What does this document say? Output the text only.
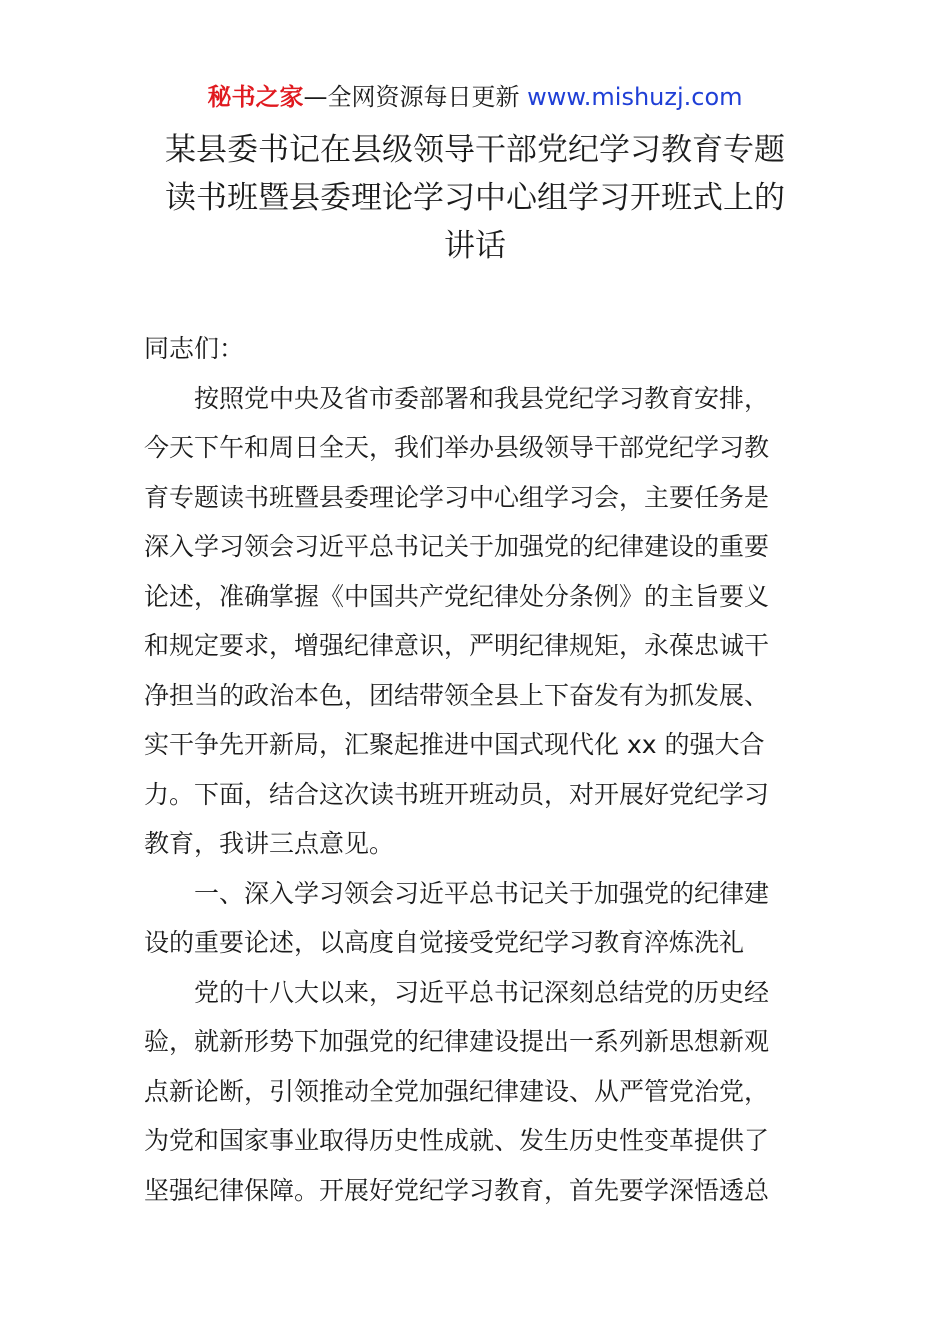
秘书之家—全网资源每日更新 www.mishuzj.com
某县委书记在县级领导干部党纪学习教育专题
读书班暨县委理论学习中心组学习开班式上的
讲话
同志们：
按照党中央及省市委部署和我县党纪学习教育安排，
今天下午和周日全天，我们举办县级领导干部党纪学习教
育专题读书班暨县委理论学习中心组学习会，主要任务是
深入学习领会习近平总书记关于加强党的纪律建设的重要
论述，准确掌握《中国共产党纪律处分条例》的主旨要义
和规定要求，增强纪律意识，严明纪律规矩，永葆忠诚干
净担当的政治本色，团结带领全县上下奋发有为抓发展、
实干争先开新局，汇聚起推进中国式现代化 xx 的强大合
力。下面，结合这次读书班开班动员，对开展好党纪学习
教育，我讲三点意见。
一、深入学习领会习近平总书记关于加强党的纪律建
设的重要论述，以高度自觉接受党纪学习教育淬炼洗礼
党的十八大以来，习近平总书记深刻总结党的历史经
验，就新形势下加强党的纪律建设提出一系列新思想新观
点新论断，引领推动全党加强纪律建设、从严管党治党，
为党和国家事业取得历史性成就、发生历史性变革提供了
坚强纪律保障。开展好党纪学习教育，首先要学深悟透总
